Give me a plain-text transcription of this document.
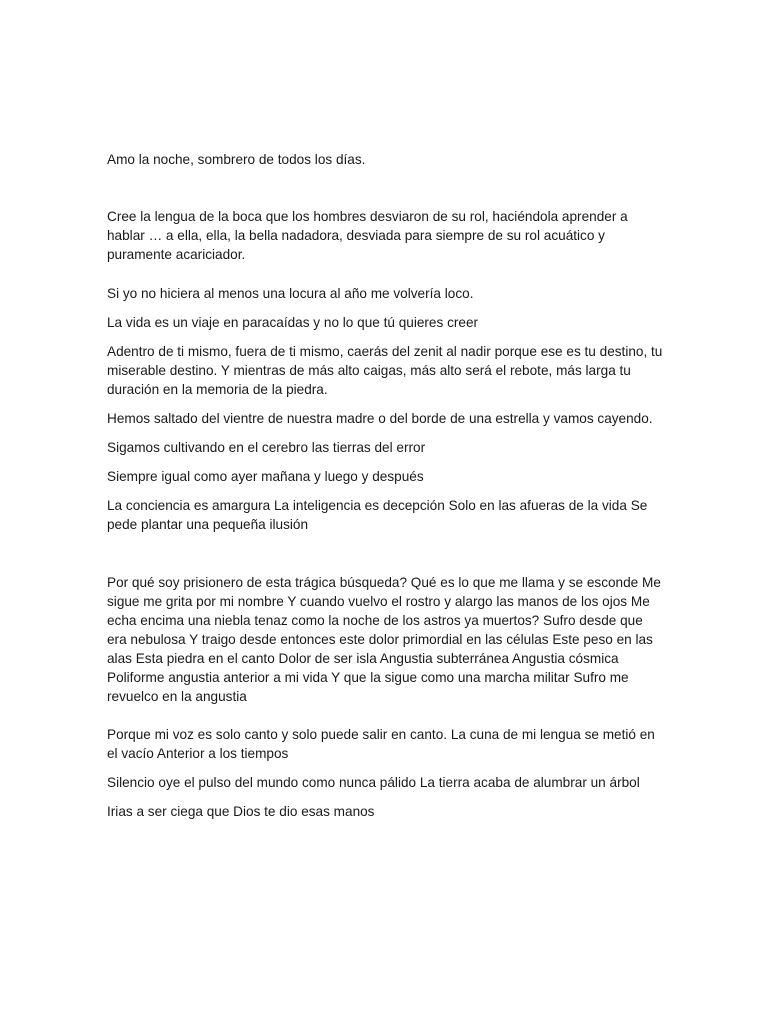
Amo la noche, sombrero de todos los días.

Cree la lengua de la boca que los hombres desviaron de su rol, haciéndola aprender a hablar … a ella, ella, la bella nadadora, desviada para siempre de su rol acuático y puramente acariciador.

Si yo no hiciera al menos una locura al año me volvería loco.

La vida es un viaje en paracaídas y no lo que tú quieres creer

Adentro de ti mismo, fuera de ti mismo, caerás del zenit al nadir porque ese es tu destino, tu miserable destino. Y mientras de más alto caigas, más alto será el rebote, más larga tu duración en la memoria de la piedra.

Hemos saltado del vientre de nuestra madre o del borde de una estrella y vamos cayendo.

Sigamos cultivando en el cerebro las tierras del error

Siempre igual como ayer mañana y luego y después

La conciencia es amargura La inteligencia es decepción Solo en las afueras de la vida Se pede plantar una pequeña ilusión

Por qué soy prisionero de esta trágica búsqueda? Qué es lo que me llama y se esconde Me sigue me grita por mi nombre Y cuando vuelvo el rostro y alargo las manos de los ojos Me echa encima una niebla tenaz como la noche de los astros ya muertos? Sufro desde que era nebulosa Y traigo desde entonces este dolor primordial en las células Este peso en las alas Esta piedra en el canto Dolor de ser isla Angustia subterránea Angustia cósmica Poliforme angustia anterior a mi vida Y que la sigue como una marcha militar Sufro me revuelco en la angustia

Porque mi voz es solo canto y solo puede salir en canto. La cuna de mi lengua se metió en el vacío Anterior a los tiempos

Silencio oye el pulso del mundo como nunca pálido La tierra acaba de alumbrar un árbol

Irias a ser ciega que Dios te dio esas manos
